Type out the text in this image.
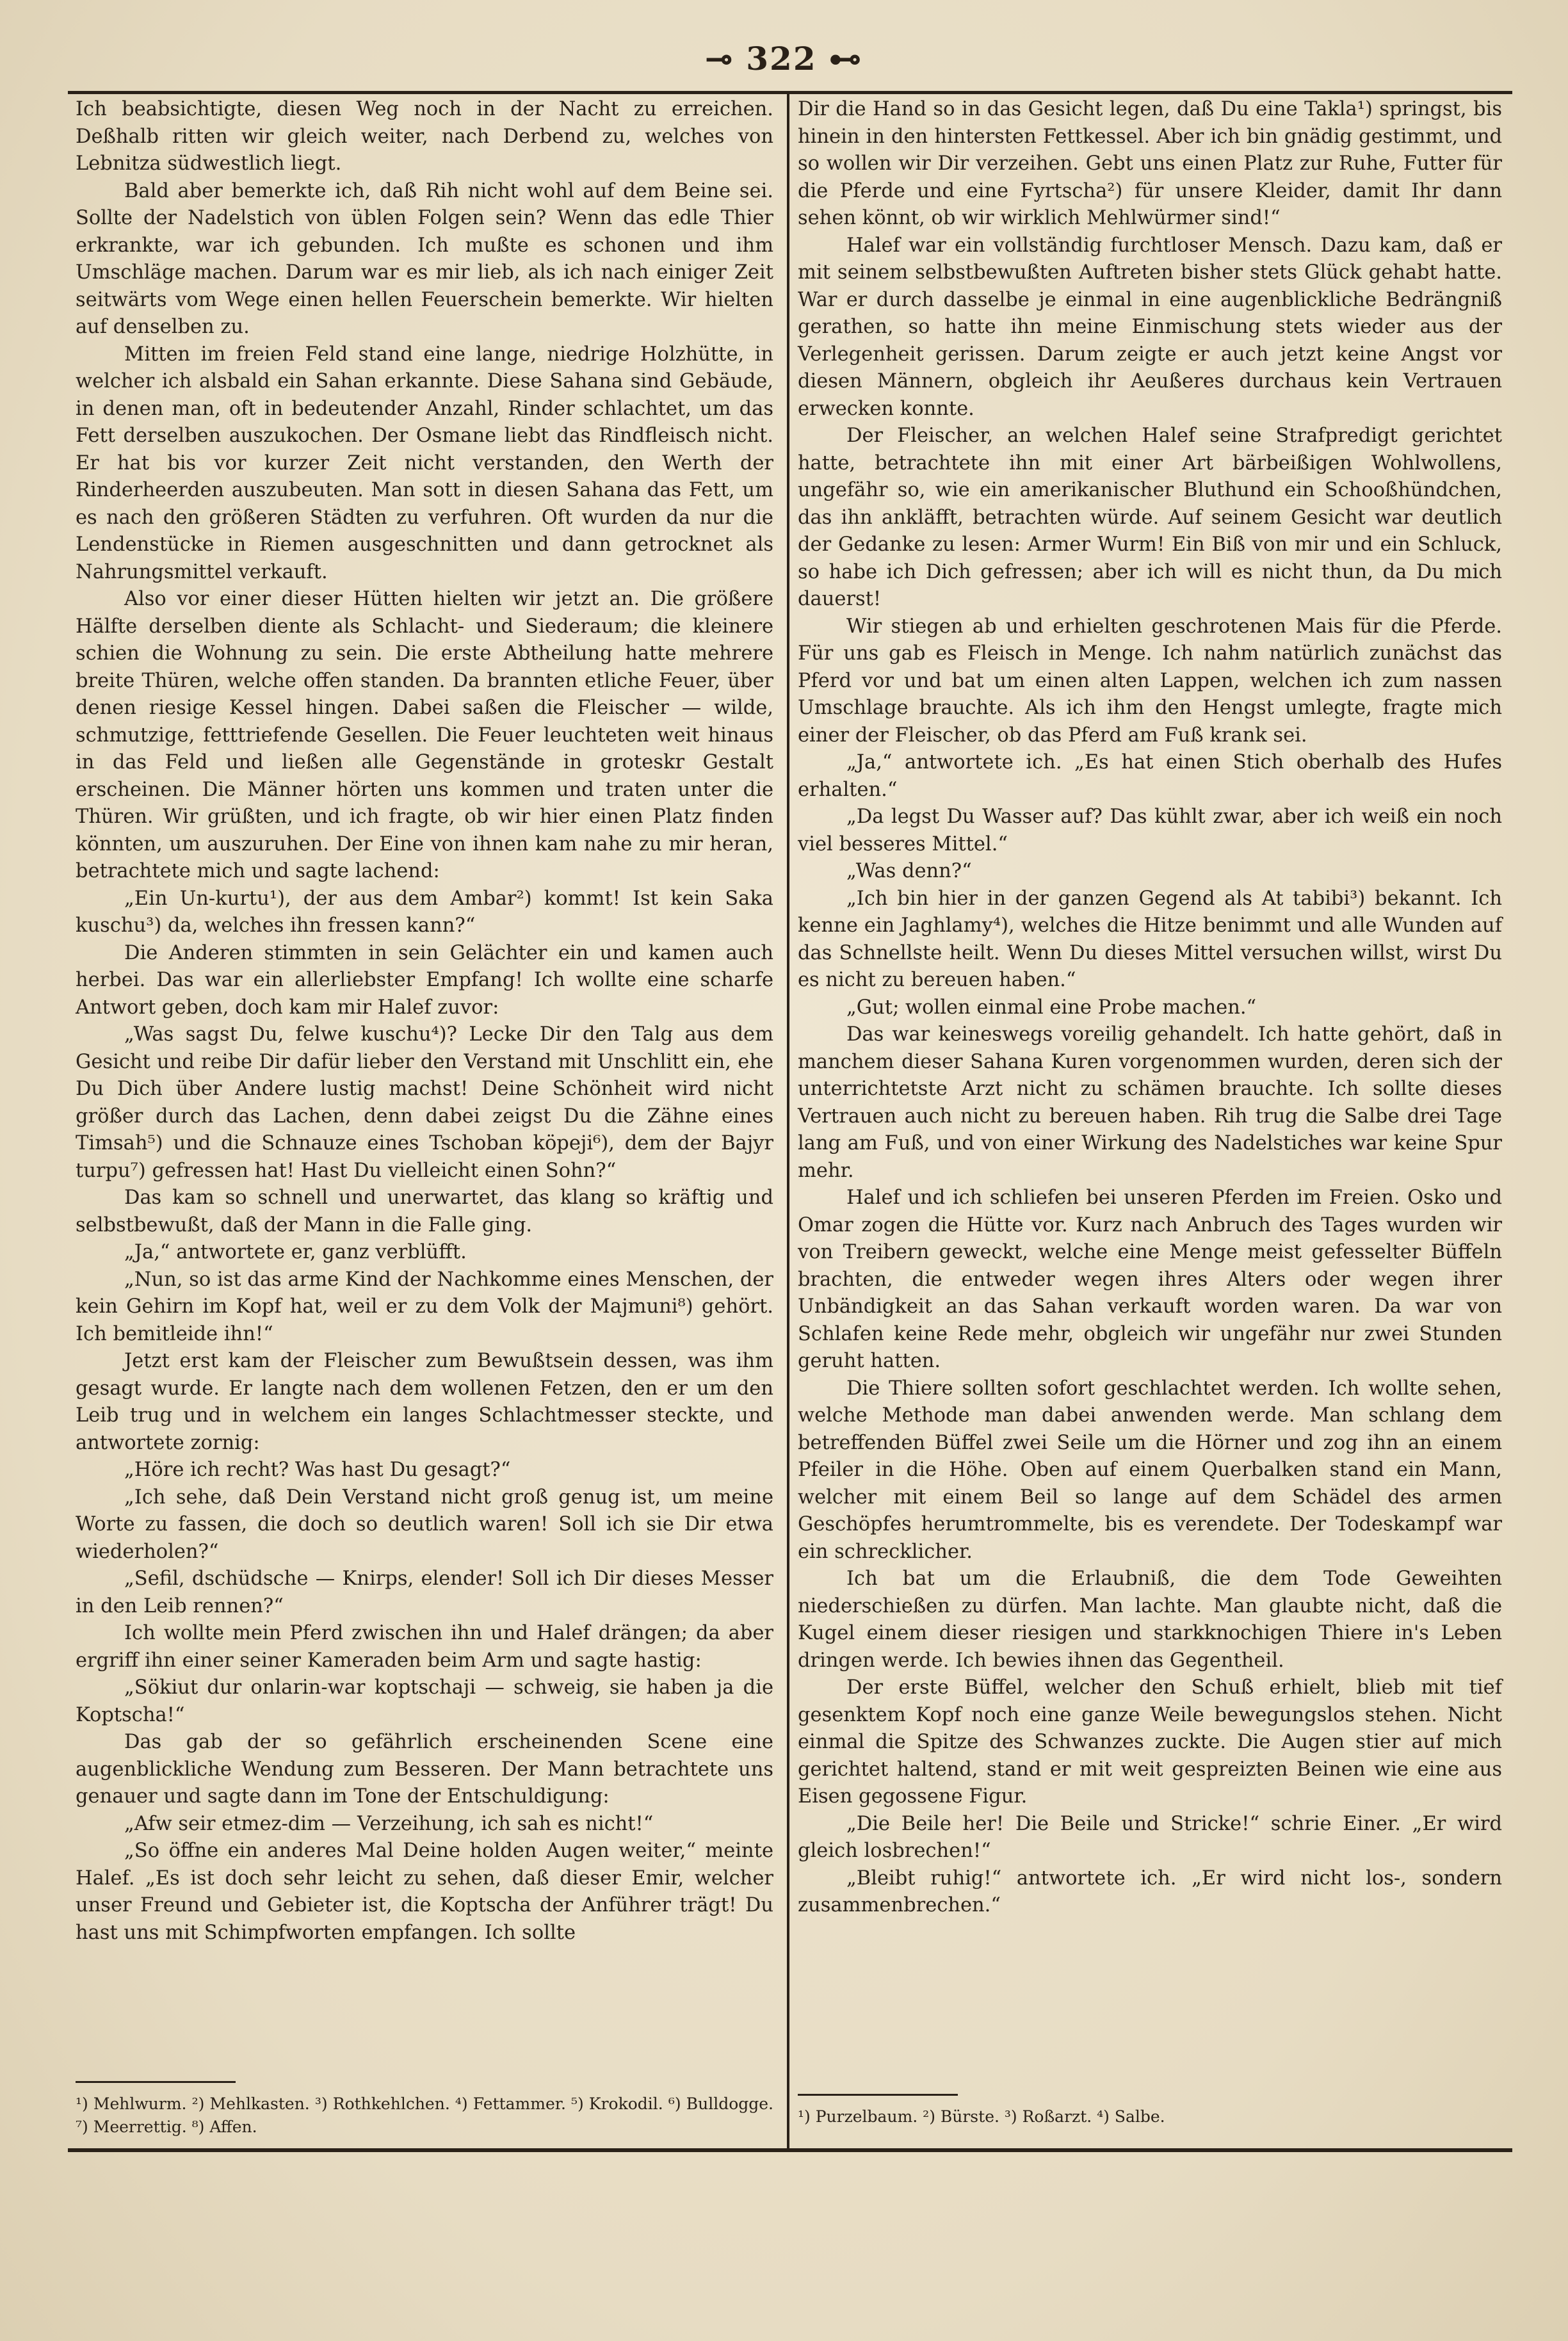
⊸ 322 ⊷

Ich beabsichtigte, diesen Weg noch in der Nacht zu erreichen. Deßhalb ritten wir gleich weiter, nach Derbend zu, welches von Lebnitza südwestlich liegt.

Bald aber bemerkte ich, daß Rih nicht wohl auf dem Beine sei. Sollte der Nadelstich von üblen Folgen sein? Wenn das edle Thier erkrankte, war ich gebunden. Ich mußte es schonen und ihm Umschläge machen. Darum war es mir lieb, als ich nach einiger Zeit seitwärts vom Wege einen hellen Feuerschein bemerkte. Wir hielten auf denselben zu.

Mitten im freien Feld stand eine lange, niedrige Holzhütte, in welcher ich alsbald ein Sahan erkannte. Diese Sahana sind Gebäude, in denen man, oft in bedeutender Anzahl, Rinder schlachtet, um das Fett derselben auszukochen. Der Osmane liebt das Rindfleisch nicht. Er hat bis vor kurzer Zeit nicht verstanden, den Werth der Rinderheerden auszubeuten. Man sott in diesen Sahana das Fett, um es nach den größeren Städten zu verfuhren. Oft wurden da nur die Lendenstücke in Riemen ausgeschnitten und dann getrocknet als Nahrungsmittel verkauft.

Also vor einer dieser Hütten hielten wir jetzt an. Die größere Hälfte derselben diente als Schlacht- und Siederaum; die kleinere schien die Wohnung zu sein. Die erste Abtheilung hatte mehrere breite Thüren, welche offen standen. Da brannten etliche Feuer, über denen riesige Kessel hingen. Dabei saßen die Fleischer — wilde, schmutzige, fetttriefende Gesellen. Die Feuer leuchteten weit hinaus in das Feld und ließen alle Gegenstände in groteskr Gestalt erscheinen. Die Männer hörten uns kommen und traten unter die Thüren. Wir grüßten, und ich fragte, ob wir hier einen Platz finden könnten, um auszuruhen. Der Eine von ihnen kam nahe zu mir heran, betrachtete mich und sagte lachend:

„Ein Un-kurtu¹), der aus dem Ambar²) kommt! Ist kein Saka kuschu³) da, welches ihn fressen kann?“

Die Anderen stimmten in sein Gelächter ein und kamen auch herbei. Das war ein allerliebster Empfang! Ich wollte eine scharfe Antwort geben, doch kam mir Halef zuvor:

„Was sagst Du, felwe kuschu⁴)? Lecke Dir den Talg aus dem Gesicht und reibe Dir dafür lieber den Verstand mit Unschlitt ein, ehe Du Dich über Andere lustig machst! Deine Schönheit wird nicht größer durch das Lachen, denn dabei zeigst Du die Zähne eines Timsah⁵) und die Schnauze eines Tschoban köpeji⁶), dem der Bajyr turpu⁷) gefressen hat! Hast Du vielleicht einen Sohn?“

Das kam so schnell und unerwartet, das klang so kräftig und selbstbewußt, daß der Mann in die Falle ging.

„Ja,“ antwortete er, ganz verblüfft.

„Nun, so ist das arme Kind der Nachkomme eines Menschen, der kein Gehirn im Kopf hat, weil er zu dem Volk der Majmuni⁸) gehört. Ich bemitleide ihn!“

Jetzt erst kam der Fleischer zum Bewußtsein dessen, was ihm gesagt wurde. Er langte nach dem wollenen Fetzen, den er um den Leib trug und in welchem ein langes Schlachtmesser steckte, und antwortete zornig:

„Höre ich recht? Was hast Du gesagt?“

„Ich sehe, daß Dein Verstand nicht groß genug ist, um meine Worte zu fassen, die doch so deutlich waren! Soll ich sie Dir etwa wiederholen?“

„Sefil, dschüdsche — Knirps, elender! Soll ich Dir dieses Messer in den Leib rennen?“

Ich wollte mein Pferd zwischen ihn und Halef drängen; da aber ergriff ihn einer seiner Kameraden beim Arm und sagte hastig:

„Sökiut dur onlarin-war koptschaji — schweig, sie haben ja die Koptscha!“

Das gab der so gefährlich erscheinenden Scene eine augenblickliche Wendung zum Besseren. Der Mann betrachtete uns genauer und sagte dann im Tone der Entschuldigung:

„Afw seir etmez-dim — Verzeihung, ich sah es nicht!“

„So öffne ein anderes Mal Deine holden Augen weiter,“ meinte Halef. „Es ist doch sehr leicht zu sehen, daß dieser Emir, welcher unser Freund und Gebieter ist, die Koptscha der Anführer trägt! Du hast uns mit Schimpfworten empfangen. Ich sollte

Dir die Hand so in das Gesicht legen, daß Du eine Takla¹) springst, bis hinein in den hintersten Fettkessel. Aber ich bin gnädig gestimmt, und so wollen wir Dir verzeihen. Gebt uns einen Platz zur Ruhe, Futter für die Pferde und eine Fyrtscha²) für unsere Kleider, damit Ihr dann sehen könnt, ob wir wirklich Mehlwürmer sind!“

Halef war ein vollständig furchtloser Mensch. Dazu kam, daß er mit seinem selbstbewußten Auftreten bisher stets Glück gehabt hatte. War er durch dasselbe je einmal in eine augenblickliche Bedrängniß gerathen, so hatte ihn meine Einmischung stets wieder aus der Verlegenheit gerissen. Darum zeigte er auch jetzt keine Angst vor diesen Männern, obgleich ihr Aeußeres durchaus kein Vertrauen erwecken konnte.

Der Fleischer, an welchen Halef seine Strafpredigt gerichtet hatte, betrachtete ihn mit einer Art bärbeißigen Wohlwollens, ungefähr so, wie ein amerikanischer Bluthund ein Schooßhündchen, das ihn ankläfft, betrachten würde. Auf seinem Gesicht war deutlich der Gedanke zu lesen: Armer Wurm! Ein Biß von mir und ein Schluck, so habe ich Dich gefressen; aber ich will es nicht thun, da Du mich dauerst!

Wir stiegen ab und erhielten geschrotenen Mais für die Pferde. Für uns gab es Fleisch in Menge. Ich nahm natürlich zunächst das Pferd vor und bat um einen alten Lappen, welchen ich zum nassen Umschlage brauchte. Als ich ihm den Hengst umlegte, fragte mich einer der Fleischer, ob das Pferd am Fuß krank sei.

„Ja,“ antwortete ich. „Es hat einen Stich oberhalb des Hufes erhalten.“

„Da legst Du Wasser auf? Das kühlt zwar, aber ich weiß ein noch viel besseres Mittel.“

„Was denn?“

„Ich bin hier in der ganzen Gegend als At tabibi³) bekannt. Ich kenne ein Jaghlamy⁴), welches die Hitze benimmt und alle Wunden auf das Schnellste heilt. Wenn Du dieses Mittel versuchen willst, wirst Du es nicht zu bereuen haben.“

„Gut; wollen einmal eine Probe machen.“

Das war keineswegs voreilig gehandelt. Ich hatte gehört, daß in manchem dieser Sahana Kuren vorgenommen wurden, deren sich der unterrichtetste Arzt nicht zu schämen brauchte. Ich sollte dieses Vertrauen auch nicht zu bereuen haben. Rih trug die Salbe drei Tage lang am Fuß, und von einer Wirkung des Nadelstiches war keine Spur mehr.

Halef und ich schliefen bei unseren Pferden im Freien. Osko und Omar zogen die Hütte vor. Kurz nach Anbruch des Tages wurden wir von Treibern geweckt, welche eine Menge meist gefesselter Büffeln brachten, die entweder wegen ihres Alters oder wegen ihrer Unbändigkeit an das Sahan verkauft worden waren. Da war von Schlafen keine Rede mehr, obgleich wir ungefähr nur zwei Stunden geruht hatten.

Die Thiere sollten sofort geschlachtet werden. Ich wollte sehen, welche Methode man dabei anwenden werde. Man schlang dem betreffenden Büffel zwei Seile um die Hörner und zog ihn an einem Pfeiler in die Höhe. Oben auf einem Querbalken stand ein Mann, welcher mit einem Beil so lange auf dem Schädel des armen Geschöpfes herumtrommelte, bis es verendete. Der Todeskampf war ein schrecklicher.

Ich bat um die Erlaubniß, die dem Tode Geweihten niederschießen zu dürfen. Man lachte. Man glaubte nicht, daß die Kugel einem dieser riesigen und starkknochigen Thiere in's Leben dringen werde. Ich bewies ihnen das Gegentheil.

Der erste Büffel, welcher den Schuß erhielt, blieb mit tief gesenktem Kopf noch eine ganze Weile bewegungslos stehen. Nicht einmal die Spitze des Schwanzes zuckte. Die Augen stier auf mich gerichtet haltend, stand er mit weit gespreizten Beinen wie eine aus Eisen gegossene Figur.

„Die Beile her! Die Beile und Stricke!“ schrie Einer. „Er wird gleich losbrechen!“

„Bleibt ruhig!“ antwortete ich. „Er wird nicht los-, sondern zusammenbrechen.“

¹) Mehlwurm. ²) Mehlkasten. ³) Rothkehlchen. ⁴) Fettammer. ⁵) Krokodil. ⁶) Bulldogge. ⁷) Meerrettig. ⁸) Affen.
¹) Purzelbaum. ²) Bürste. ³) Roßarzt. ⁴) Salbe.
